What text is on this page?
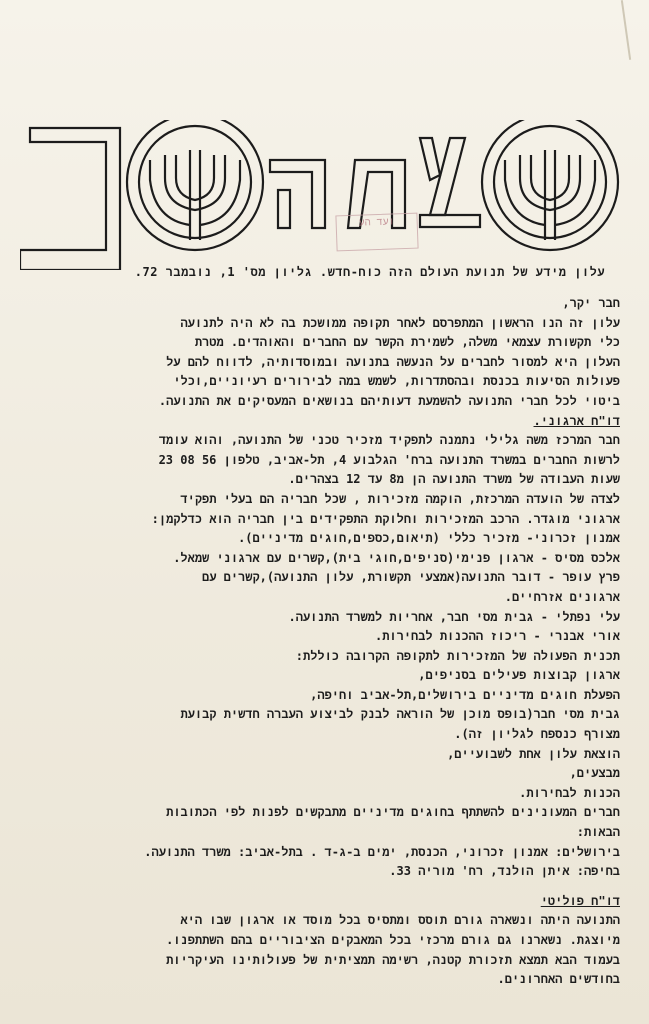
ועד הע
עלון מידע של תנועת העולם הזה כוח-חדש. גליון מס' 1, נובמבר 72.
חבר יקר,
עלון זה הנו הראשון המתפרסם לאחר תקופה ממושכת בה לא היה לתנועה
כלי תקשורת עצמאי משלה, לשמירת הקשר עם החברים והאוהדים. מטרת
העלון היא למסור לחברים על הנעשה בתנועה ובמוסדותיה, לדווח להם על
פעולות הסיעות בכנסת ובהסתדרות, לשמש במה לבירורים רעיוניים,וכלי
ביטוי לכל חברי התנועה להשמעת דעותיהם בנושאים המעסיקים את התנועה.
דו"ח ארגוני.
חבר המרכז משה גלילי נתמנה לתפקיד מזכיר טכני של התנועה, והוא עומד
לרשות החברים במשרד התנועה ברח' הגלבוע 4, תל-אביב, טלפון 56 08 23
שעות העבודה של משרד התנועה הן מ8 עד 12 בצהרים.
לצדה של הועדה המרכזת, הוקמה מזכירות , שכל חבריה הם בעלי תפקיד
ארגוני מוגדר. הרכב המזכירות וחלוקת התפקידים בין חבריה הוא כדלקמן:
אמנון זכרוני- מזכיר כללי (תיאום,כספים,חוגים מדיניים).
אלכס מסיס - ארגון פנימי(סניפים,חוגי בית),קשרים עם ארגוני שמאל.
פרץ עופר - דובר התנועה(אמצעי תקשורת, עלון התנועה),קשרים עם
ארגונים אזרחיים.
עלי נפתלי - גבית מסי חבר, אחריות למשרד התנועה.
אורי אבנרי - ריכוז ההכנות לבחירות.
תכנית הפעולה של המזכירות לתקופה הקרובה כוללת:
ארגון קבוצות פעילים בסניפים,
הפעלת חוגים מדיניים בירושלים,תל-אביב וחיפה,
גבית מסי חבר(בופס מוכן של הוראה לבנק לביצוע העברה חדשית קבועת
מצורף כנספח לגליון זה).
הוצאת עלון אחת לשבועיים,
מבצעים,
הכנות לבחירות.
חברים המעונינים להשתתף בחוגים מדיניים מתבקשים לפנות לפי הכתובות
הבאות:
בירושלים: אמנון זכרוני, הכנסת, ימים ב-ג-ד . בתל-אביב: משרד התנועה.
בחיפה: איתן הולנד, רח' מוריה 33.
דו"ח פוליטי
התנועה היתה ונשארה גורם תוסס ומתסיס בכל מוסד או ארגון שבו היא
מיוצגת. נשארנו גם גורם מרכזי בכל המאבקים הציבוריים בהם השתתפנו.
בעמוד הבא תמצא תזכורת קטנה, רשימה תמציתית של פעולותינו העיקריות
בחודשים האחרונים.
